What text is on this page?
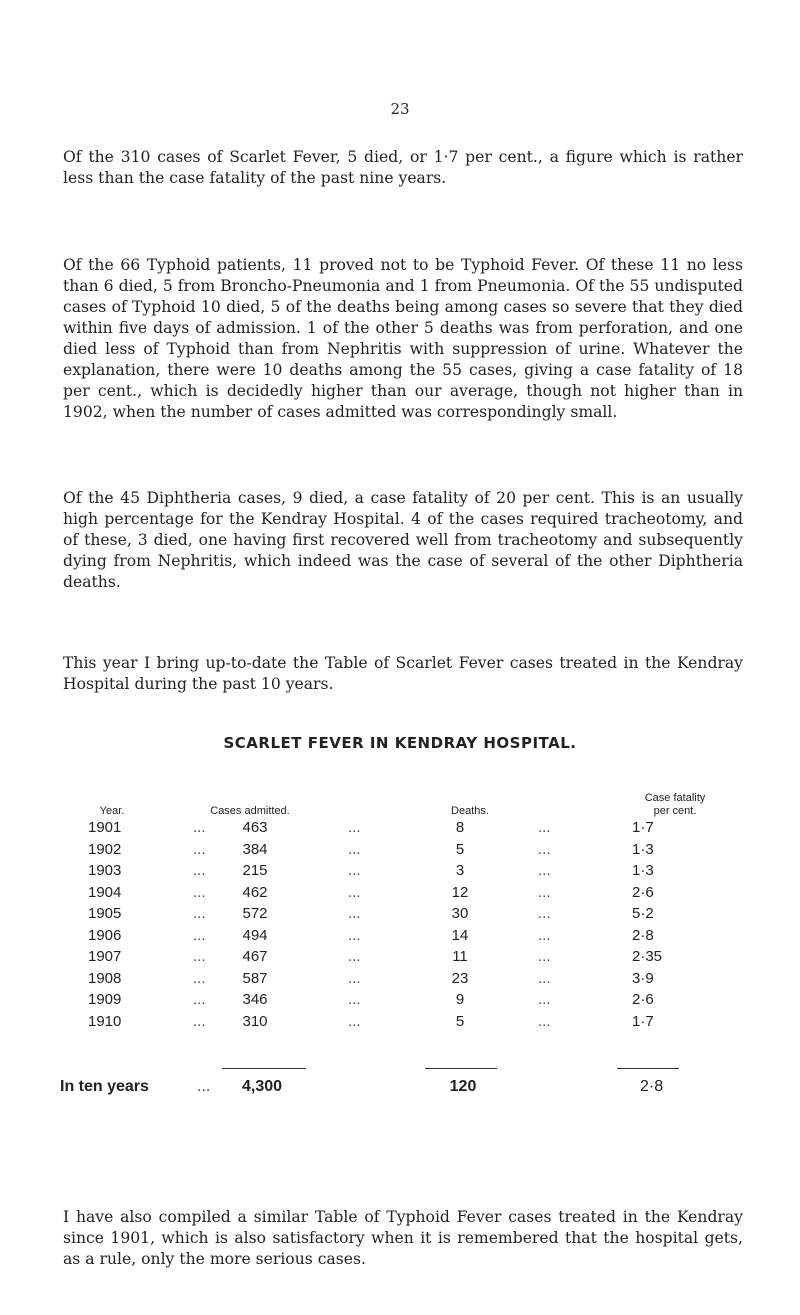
23

Of the 310 cases of Scarlet Fever, 5 died, or 1·7 per cent., a figure which is rather less than the case fatality of the past nine years.

Of the 66 Typhoid patients, 11 proved not to be Typhoid Fever. Of these 11 no less than 6 died, 5 from Broncho-Pneumonia and 1 from Pneumonia. Of the 55 undisputed cases of Typhoid 10 died, 5 of the deaths being among cases so severe that they died within five days of admission. 1 of the other 5 deaths was from perforation, and one died less of Typhoid than from Nephritis with suppression of urine. Whatever the explanation, there were 10 deaths among the 55 cases, giving a case fatality of 18 per cent., which is decidedly higher than our average, though not higher than in 1902, when the number of cases admitted was correspondingly small.

Of the 45 Diphtheria cases, 9 died, a case fatality of 20 per cent. This is an usually high percentage for the Kendray Hospital. 4 of the cases required tracheotomy, and of these, 3 died, one having first recovered well from tracheotomy and subsequently dying from Nephritis, which indeed was the case of several of the other Diphtheria deaths.

This year I bring up-to-date the Table of Scarlet Fever cases treated in the Kendray Hospital during the past 10 years.

SCARLET FEVER IN KENDRAY HOSPITAL.
Year.	Cases admitted.	Deaths.
Case fatality
per cent.
1901	...	463	...	8	...	1·7
1902	...	384	...	5	...	1·3
1903	...	215	...	3	...	1·3
1904	...	462	...	12	...	2·6
1905	...	572	...	30	...	5·2
1906	...	494	...	14	...	2·8
1907	...	467	...	11	...	2·35
1908	...	587	...	23	...	3·9
1909	...	346	...	9	...	2·6
1910	...	310	...	5	...	1·7
In ten years	...	4,300	120	2·8

I have also compiled a similar Table of Typhoid Fever cases treated in the Kendray since 1901, which is also satisfactory when it is remembered that the hospital gets, as a rule, only the more serious cases.
